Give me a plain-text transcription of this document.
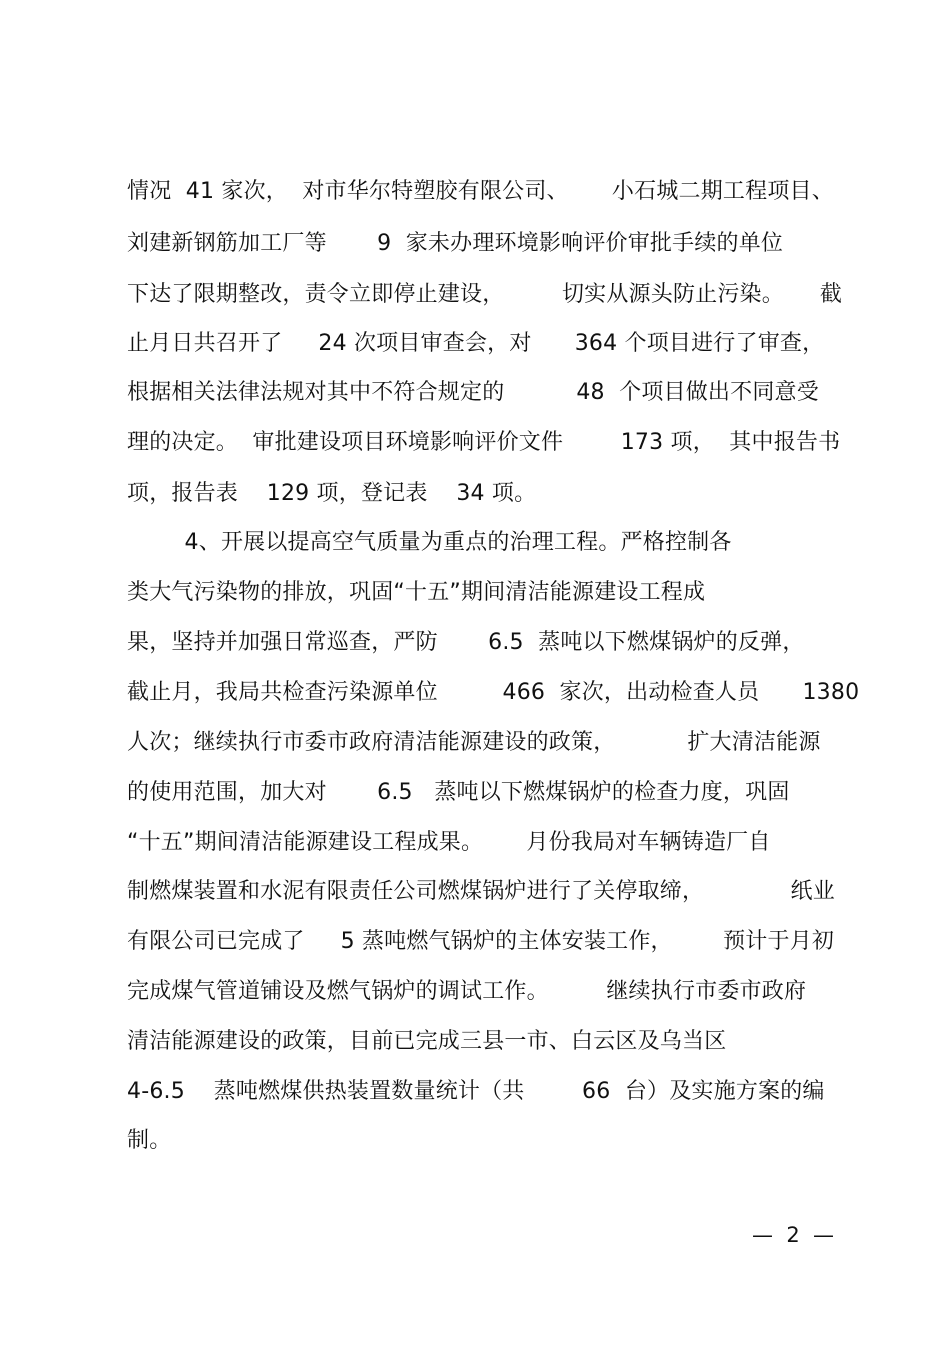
情况  41 家次，  对市华尔特塑胶有限公司、      小石城二期工程项目、
刘建新钢筋加工厂等       9  家未办理环境影响评价审批手续的单位
下达了限期整改，责令立即停止建设，        切实从源头防止污染。     截
止月日共召开了     24 次项目审查会，对      364 个项目进行了审查，
根据相关法律法规对其中不符合规定的          48  个项目做出不同意受
理的决定。  审批建设项目环境影响评价文件        173 项，  其中报告书
项，报告表    129 项，登记表    34 项。
4、开展以提高空气质量为重点的治理工程。严格控制各
类大气污染物的排放，巩固“十五”期间清洁能源建设工程成
果，坚持并加强日常巡查，严防       6.5  蒸吨以下燃煤锅炉的反弹，
截止月，我局共检查污染源单位         466  家次，出动检查人员      1380
人次；继续执行市委市政府清洁能源建设的政策，          扩大清洁能源
的使用范围，加大对       6.5   蒸吨以下燃煤锅炉的检查力度，巩固
“十五”期间清洁能源建设工程成果。      月份我局对车辆铸造厂自
制燃煤装置和水泥有限责任公司燃煤锅炉进行了关停取缔，            纸业
有限公司已完成了     5 蒸吨燃气锅炉的主体安装工作，       预计于月初
完成煤气管道铺设及燃气锅炉的调试工作。        继续执行市委市政府
清洁能源建设的政策，目前已完成三县一市、白云区及乌当区
4-6.5    蒸吨燃煤供热装置数量统计（共        66  台）及实施方案的编
制。
—  2  —
